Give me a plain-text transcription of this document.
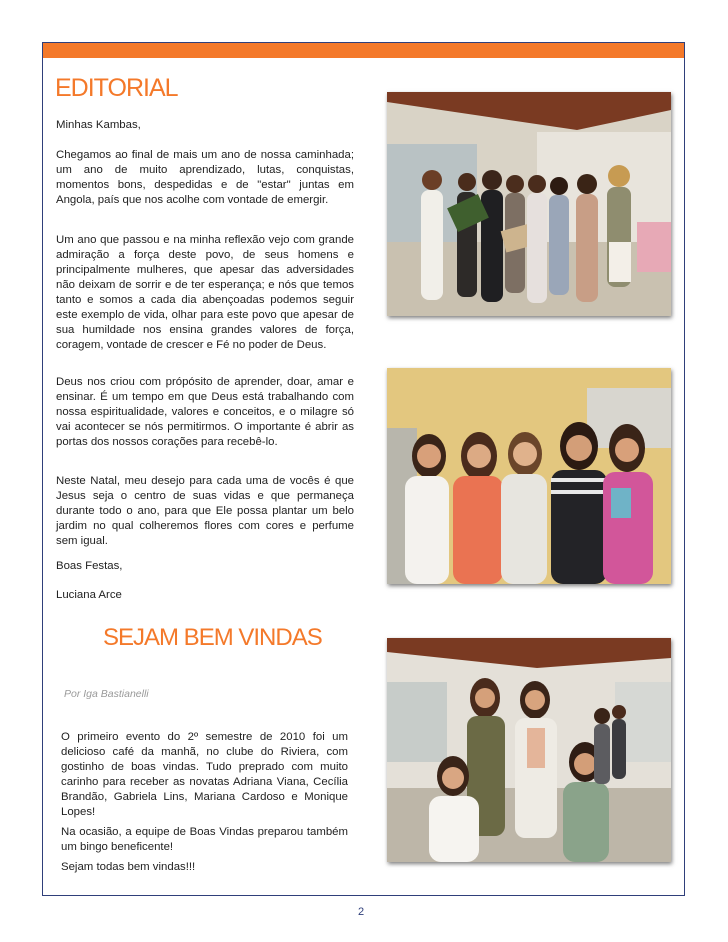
EDITORIAL

Minhas Kambas,

Chegamos ao final de mais um ano de nossa caminhada; um ano de muito aprendizado, lutas, conquistas, momentos bons, despedidas e de "estar" juntas em Angola, país que nos acolhe com vontade de emergir.

Um ano que passou e na minha reflexão vejo com grande admiração a força deste povo, de seus homens e principalmente mulheres, que apesar das adversidades não deixam de sorrir e de ter esperança; e nós que temos tanto e somos a cada dia abençoadas podemos seguir este exemplo de vida, olhar para este povo que apesar de sua humildade nos ensina grandes valores de força, coragem, vontade de crescer e Fé no poder de Deus.

Deus nos criou com própósito de aprender, doar, amar e ensinar. É um tempo em que Deus está trabalhando com nossa espiritualidade, valores e conceitos, e o milagre só vai acontecer se nós permitirmos. O importante é abrir as portas dos nossos corações para recebê-lo.

Neste Natal, meu desejo para cada uma de vocês é que Jesus seja o centro de suas vidas e que permaneça durante todo o ano, para que Ele possa plantar um belo jardim no qual colheremos flores com cores e perfume sem igual.

Boas Festas,

Luciana Arce

SEJAM BEM VINDAS
Por Iga Bastianelli

O primeiro evento do 2º semestre de 2010 foi um delicioso café da manhã, no clube do Riviera, com gostinho de boas vindas. Tudo preprado com muito carinho para receber as novatas Adriana Viana, Cecília Brandão, Gabriela Lins, Mariana Cardoso e Monique Lopes!

Na ocasião, a equipe de Boas Vindas preparou também um bingo beneficente!

Sejam todas bem vindas!!!

2
